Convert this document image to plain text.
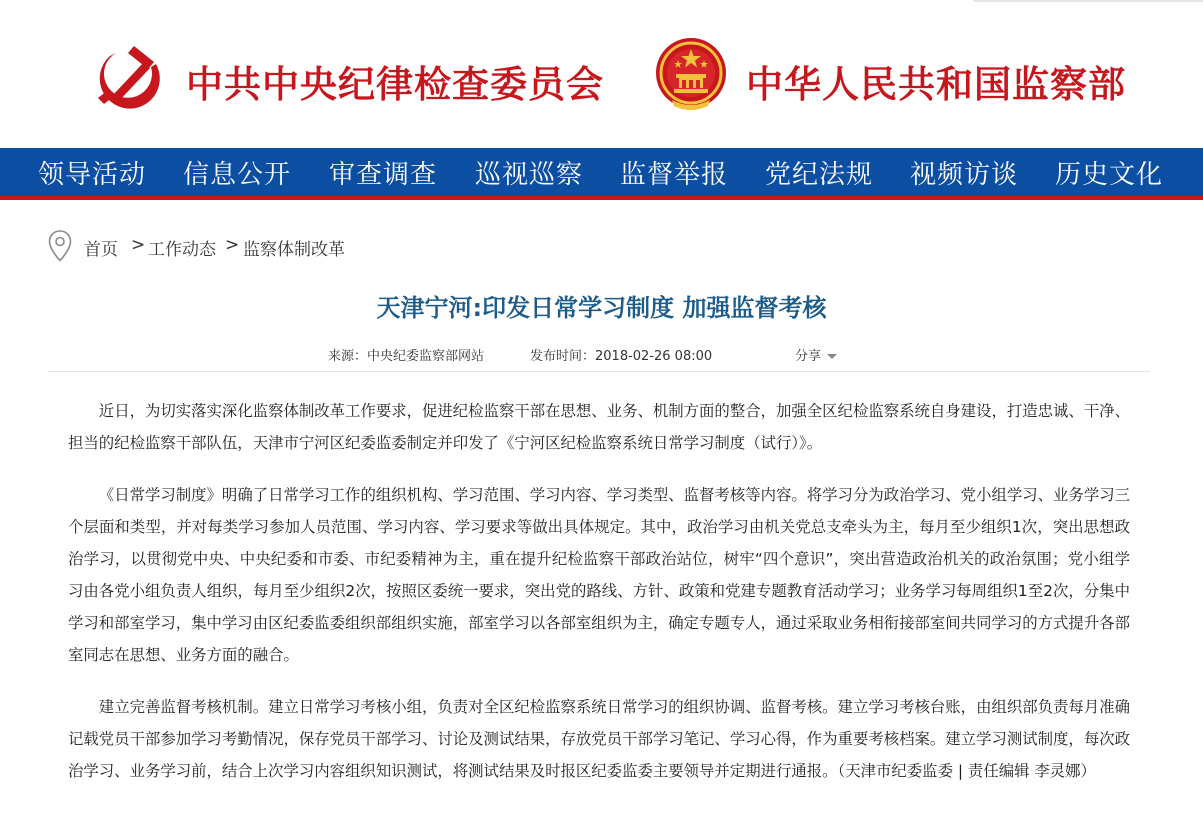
中共中央纪律检查委员会	中华人民共和国监察部
领导活动 信息公开 审查调查 巡视巡察 监督举报 党纪法规 视频访谈 历史文化
首页 > 工作动态 > 监察体制改革
天津宁河:印发日常学习制度 加强监督考核
来源：中央纪委监察部网站	发布时间：2018-02-26 08:00	分享

近日，为切实落实深化监察体制改革工作要求，促进纪检监察干部在思想、业务、机制方面的整合，加强全区纪检监察系统自身建设，打造忠诚、干净、担当的纪检监察干部队伍，天津市宁河区纪委监委制定并印发了《宁河区纪检监察系统日常学习制度（试行）》。

《日常学习制度》明确了日常学习工作的组织机构、学习范围、学习内容、学习类型、监督考核等内容。将学习分为政治学习、党小组学习、业务学习三个层面和类型，并对每类学习参加人员范围、学习内容、学习要求等做出具体规定。其中，政治学习由机关党总支牵头为主，每月至少组织1次，突出思想政治学习，以贯彻党中央、中央纪委和市委、市纪委精神为主，重在提升纪检监察干部政治站位，树牢“四个意识”，突出营造政治机关的政治氛围；党小组学习由各党小组负责人组织，每月至少组织2次，按照区委统一要求，突出党的路线、方针、政策和党建专题教育活动学习；业务学习每周组织1至2次，分集中学习和部室学习，集中学习由区纪委监委组织部组织实施，部室学习以各部室组织为主，确定专题专人，通过采取业务相衔接部室间共同学习的方式提升各部室同志在思想、业务方面的融合。

建立完善监督考核机制。建立日常学习考核小组，负责对全区纪检监察系统日常学习的组织协调、监督考核。建立学习考核台账，由组织部负责每月准确记载党员干部参加学习考勤情况，保存党员干部学习、讨论及测试结果，存放党员干部学习笔记、学习心得，作为重要考核档案。建立学习测试制度，每次政治学习、业务学习前，结合上次学习内容组织知识测试，将测试结果及时报区纪委监委主要领导并定期进行通报。（天津市纪委监委 | 责任编辑 李灵娜）
